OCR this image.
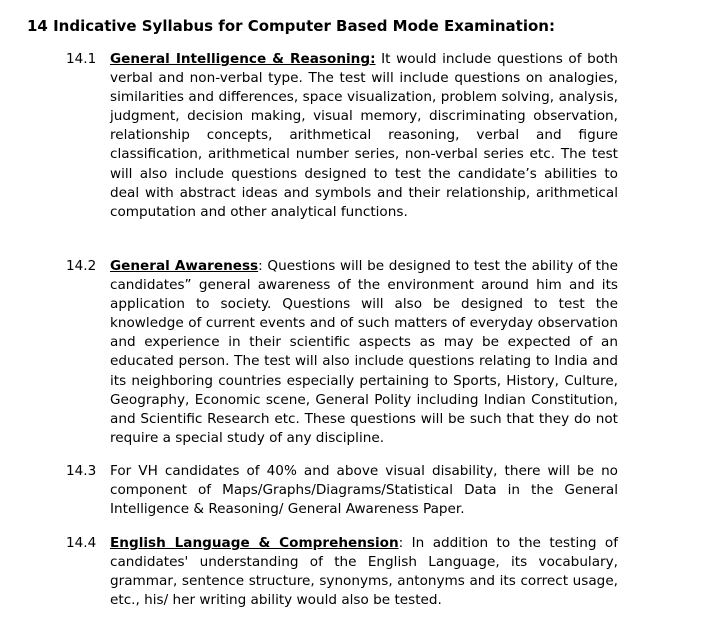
14 Indicative Syllabus for Computer Based Mode Examination:
14.1	General Intelligence & Reasoning: It would include questions of both verbal and non-verbal type. The test will include questions on analogies, similarities and differences, space visualization, problem solving, analysis, judgment, decision making, visual memory, discriminating observation, relationship concepts, arithmetical reasoning, verbal and figure classification, arithmetical number series, non-verbal series etc. The test will also include questions designed to test the candidate’s abilities to deal with abstract ideas and symbols and their relationship, arithmetical computation and other analytical functions.
14.2	General Awareness: Questions will be designed to test the ability of the candidates” general awareness of the environment around him and its application to society. Questions will also be designed to test the knowledge of current events and of such matters of everyday observation and experience in their scientific aspects as may be expected of an educated person. The test will also include questions relating to India and its neighboring countries especially pertaining to Sports, History, Culture, Geography, Economic scene, General Polity including Indian Constitution, and Scientific Research etc. These questions will be such that they do not require a special study of any discipline.
14.3	For VH candidates of 40% and above visual disability, there will be no component of Maps/Graphs/Diagrams/Statistical Data in the General Intelligence & Reasoning/ General Awareness Paper.
14.4	English Language & Comprehension: In addition to the testing of candidates' understanding of the English Language, its vocabulary, grammar, sentence structure, synonyms, antonyms and its correct usage, etc., his/ her writing ability would also be tested.
